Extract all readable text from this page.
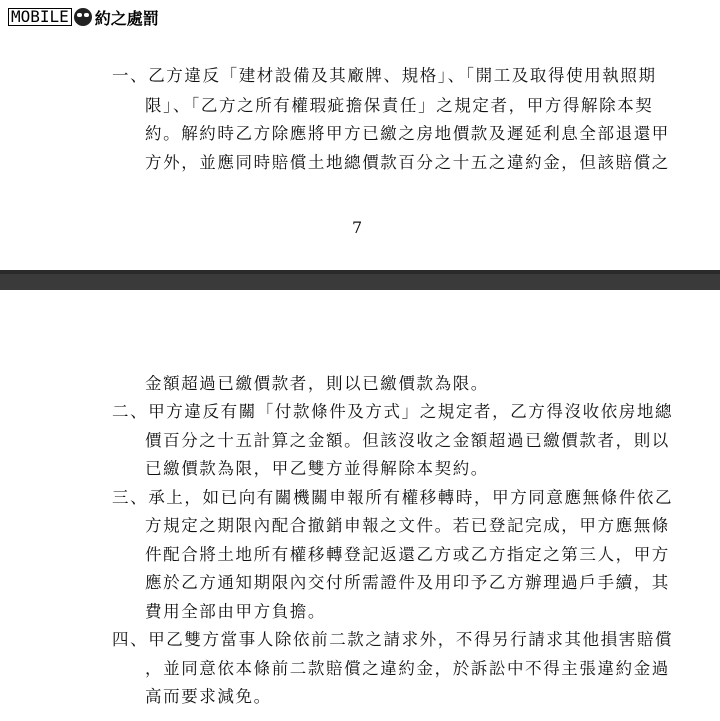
MOBILE 約之處罰
一、乙方違反「建材設備及其廠牌、規格」、「開工及取得使用執照期
限」、「乙方之所有權瑕疵擔保責任」之規定者，甲方得解除本契
約。解約時乙方除應將甲方已繳之房地價款及遲延利息全部退還甲
方外，並應同時賠償土地總價款百分之十五之違約金，但該賠償之
7
金額超過已繳價款者，則以已繳價款為限。
二、甲方違反有關「付款條件及方式」之規定者，乙方得沒收依房地總
價百分之十五計算之金額。但該沒收之金額超過已繳價款者，則以
已繳價款為限，甲乙雙方並得解除本契約。
三、承上，如已向有關機關申報所有權移轉時，甲方同意應無條件依乙
方規定之期限內配合撤銷申報之文件。若已登記完成，甲方應無條
件配合將土地所有權移轉登記返還乙方或乙方指定之第三人，甲方
應於乙方通知期限內交付所需證件及用印予乙方辦理過戶手續，其
費用全部由甲方負擔。
四、甲乙雙方當事人除依前二款之請求外，不得另行請求其他損害賠償
，並同意依本條前二款賠償之違約金，於訴訟中不得主張違約金過
高而要求減免。
